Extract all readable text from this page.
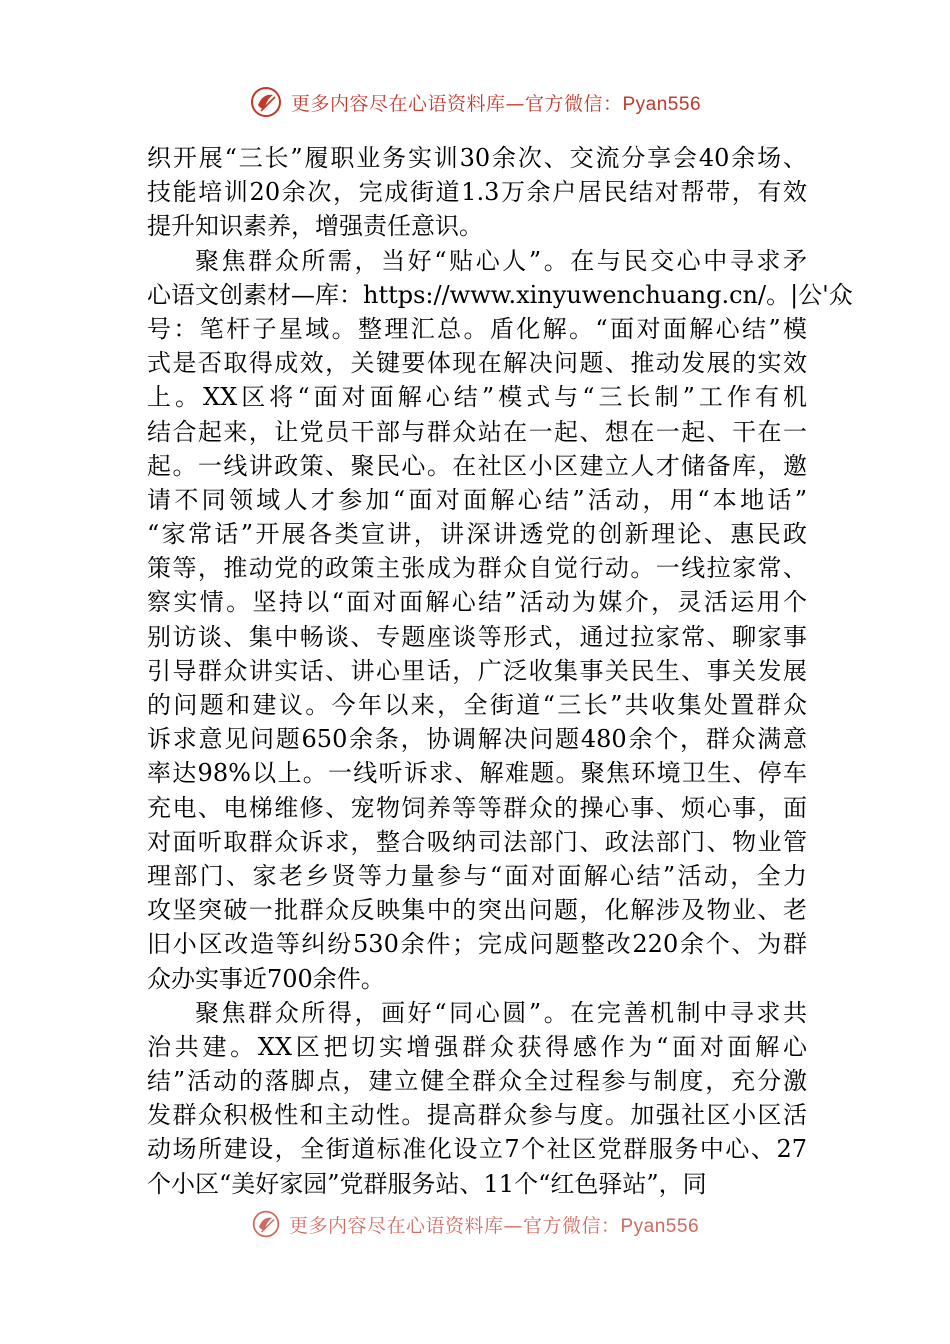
更多内容尽在心语资料库—官方微信：Pyan556
织开展“三长”履职业务实训30余次、交流分享会40余场、
技能培训20余次，完成街道1.3万余户居民结对帮带，有效
提升知识素养，增强责任意识。
聚焦群众所需，当好“贴心人”。在与民交心中寻求矛
心语文创素材—库：https://www.xinyuwenchuang.cn/。|公'众
号：笔杆子星域。整理汇总。盾化解。“面对面解心结”模
式是否取得成效，关键要体现在解决问题、推动发展的实效
上。XX区将“面对面解心结”模式与“三长制”工作有机
结合起来，让党员干部与群众站在一起、想在一起、干在一
起。一线讲政策、聚民心。在社区小区建立人才储备库，邀
请不同领域人才参加“面对面解心结”活动，用“本地话”
“家常话”开展各类宣讲，讲深讲透党的创新理论、惠民政
策等，推动党的政策主张成为群众自觉行动。一线拉家常、
察实情。坚持以“面对面解心结”活动为媒介，灵活运用个
别访谈、集中畅谈、专题座谈等形式，通过拉家常、聊家事
引导群众讲实话、讲心里话，广泛收集事关民生、事关发展
的问题和建议。今年以来，全街道“三长”共收集处置群众
诉求意见问题650余条，协调解决问题480余个，群众满意
率达98%以上。一线听诉求、解难题。聚焦环境卫生、停车
充电、电梯维修、宠物饲养等等群众的操心事、烦心事，面
对面听取群众诉求，整合吸纳司法部门、政法部门、物业管
理部门、家老乡贤等力量参与“面对面解心结”活动，全力
攻坚突破一批群众反映集中的突出问题，化解涉及物业、老
旧小区改造等纠纷530余件；完成问题整改220余个、为群
众办实事近700余件。
聚焦群众所得，画好“同心圆”。在完善机制中寻求共
治共建。XX区把切实增强群众获得感作为“面对面解心
结”活动的落脚点，建立健全群众全过程参与制度，充分激
发群众积极性和主动性。提高群众参与度。加强社区小区活
动场所建设，全街道标准化设立7个社区党群服务中心、27
个小区“美好家园”党群服务站、11个“红色驿站”，同
更多内容尽在心语资料库—官方微信：Pyan556
